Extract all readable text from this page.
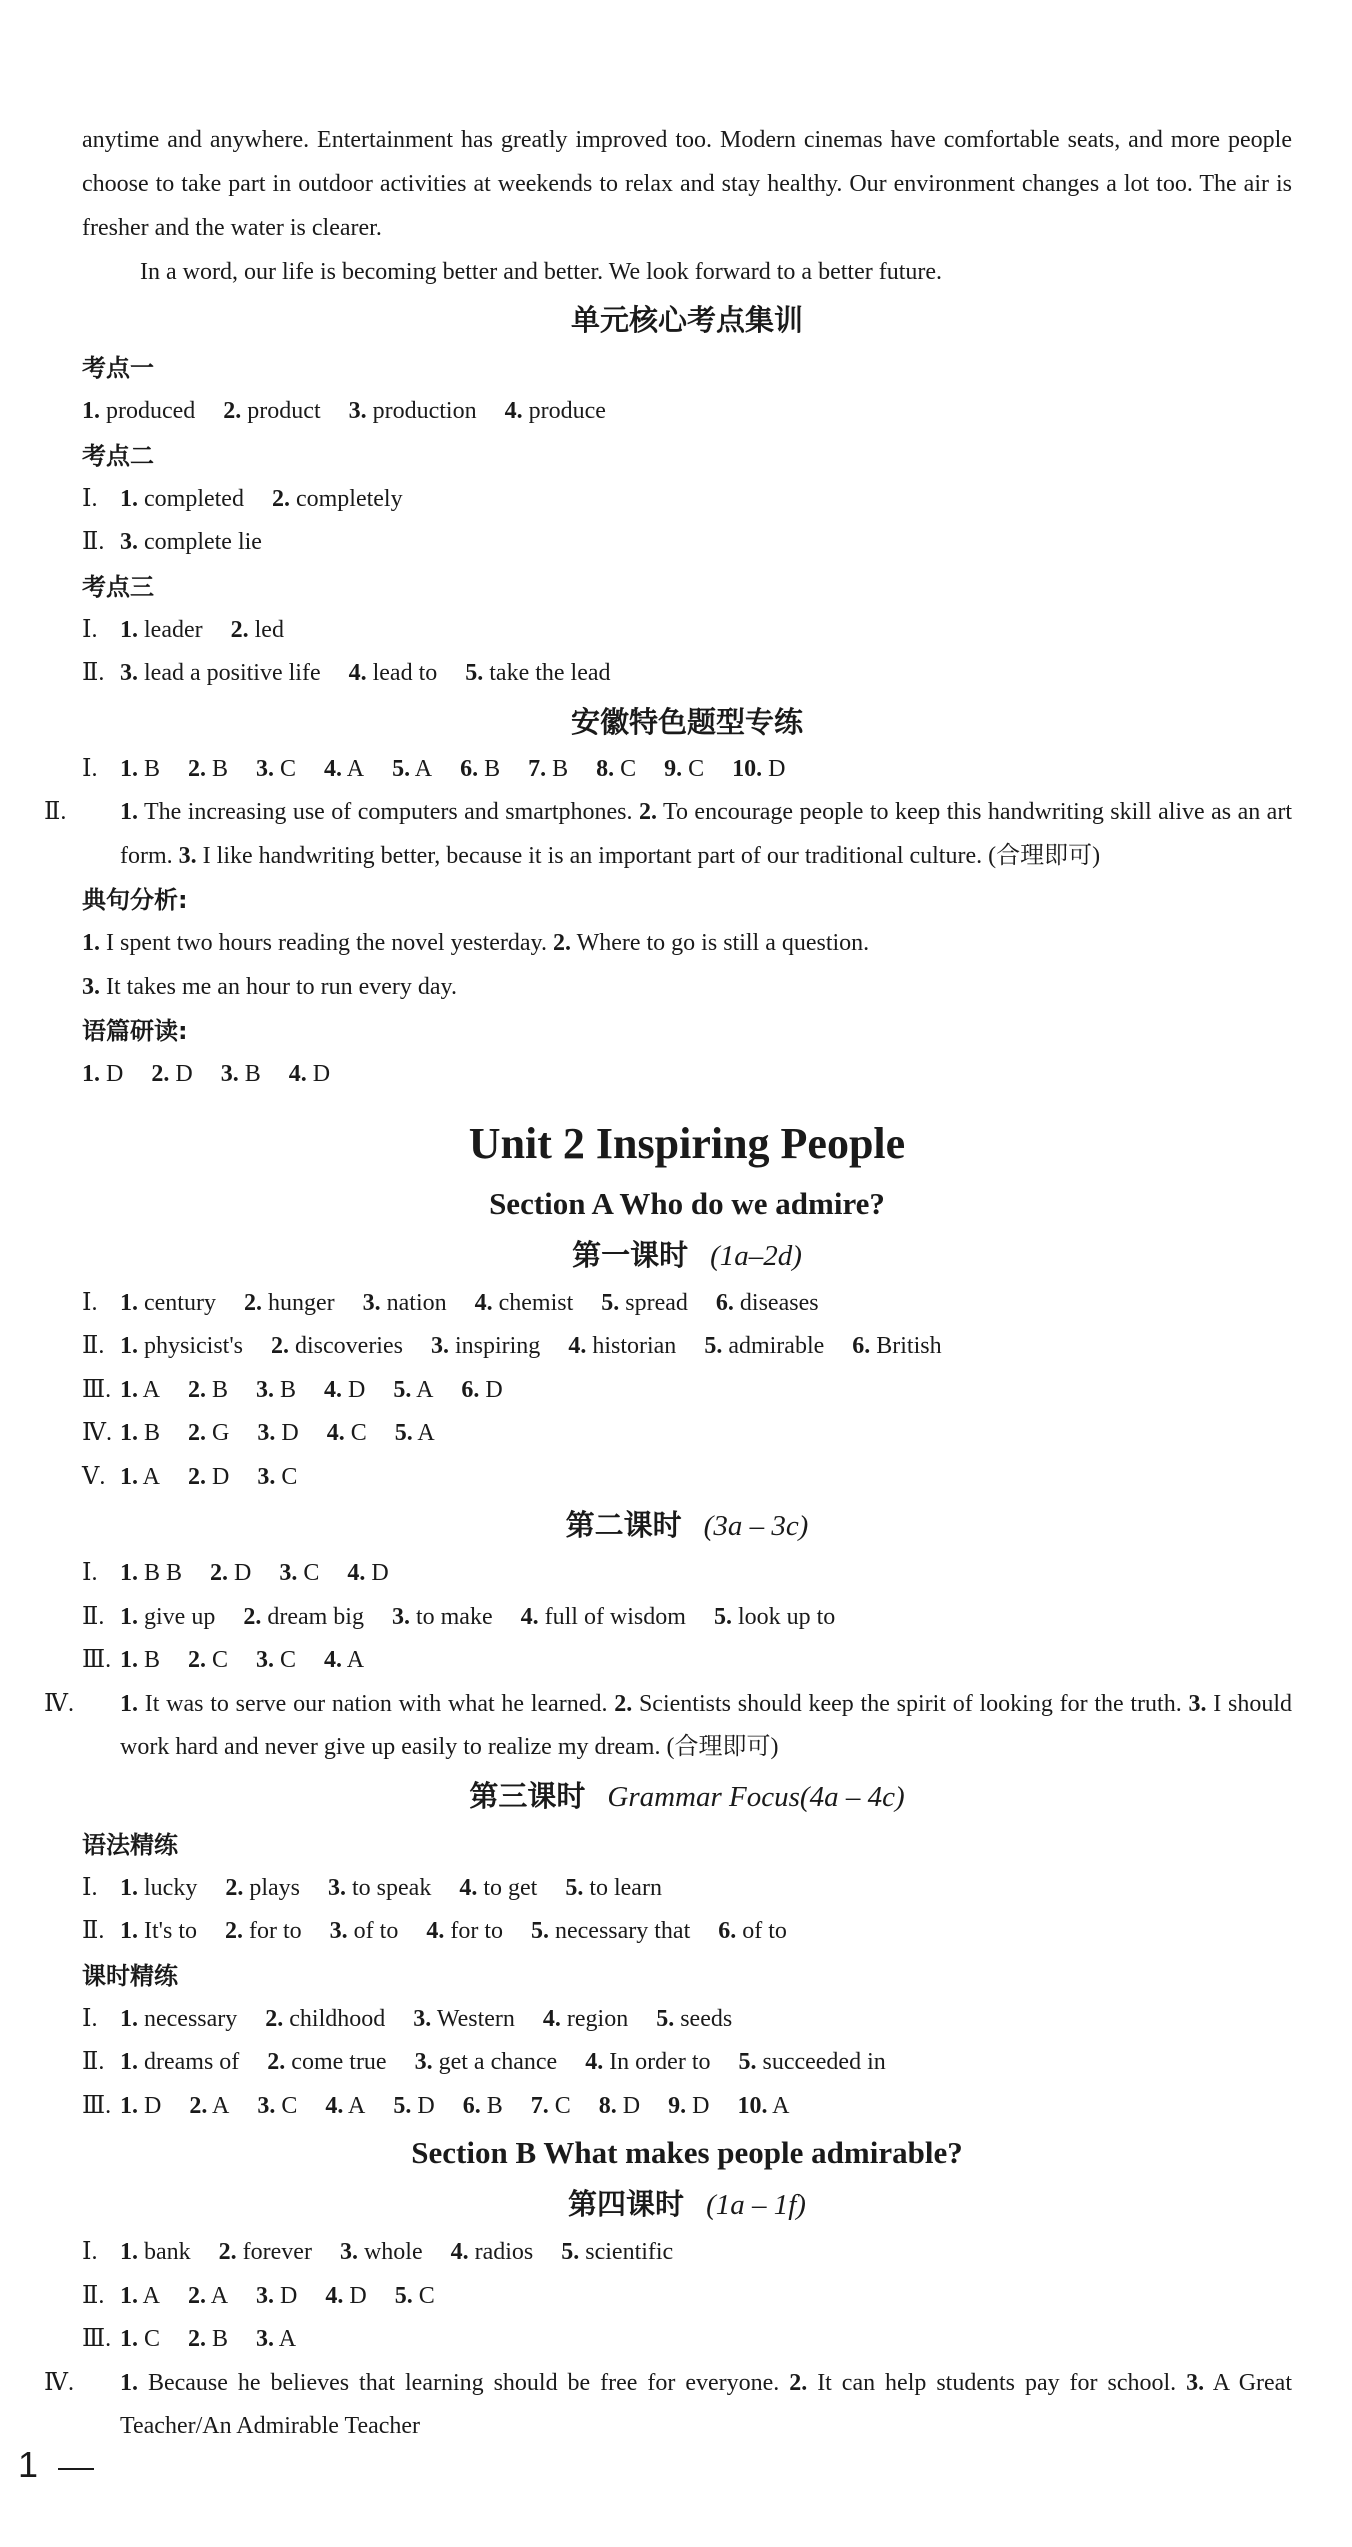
anytime and anywhere. Entertainment has greatly improved too. Modern cinemas have comfortable seats, and more people choose to take part in outdoor activities at weekends to relax and stay healthy. Our environment changes a lot too. The air is fresher and the water is clearer.

In a word, our life is becoming better and better. We look forward to a better future.

单元核心考点集训
考点一
1. produced 2. product 3. production 4. produce
考点二
Ⅰ. 1. completed 2. completely
Ⅱ. 3. complete lie
考点三
Ⅰ. 1. leader 2. led
Ⅱ. 3. lead a positive life 4. lead to 5. take the lead
安徽特色题型专练
Ⅰ. 1. B 2. B 3. C 4. A 5. A 6. B 7. B 8. C 9. C 10. D
Ⅱ. 1. The increasing use of computers and smartphones. 2. To encourage people to keep this handwriting skill alive as an art form. 3. I like handwriting better, because it is an important part of our traditional culture. (合理即可)
典句分析:
1. I spent two hours reading the novel yesterday. 2. Where to go is still a question.
3. It takes me an hour to run every day.
语篇研读:
1. D 2. D 3. B 4. D
Unit 2 Inspiring People
Section A Who do we admire?
第一课时 (1a–2d)
Ⅰ. 1. century 2. hunger 3. nation 4. chemist 5. spread 6. diseases
Ⅱ. 1. physicist's 2. discoveries 3. inspiring 4. historian 5. admirable 6. British
Ⅲ. 1. A 2. B 3. B 4. D 5. A 6. D
Ⅳ. 1. B 2. G 3. D 4. C 5. A
Ⅴ. 1. A 2. D 3. C
第二课时 (3a – 3c)
Ⅰ. 1. B B 2. D 3. C 4. D
Ⅱ. 1. give up 2. dream big 3. to make 4. full of wisdom 5. look up to
Ⅲ. 1. B 2. C 3. C 4. A
Ⅳ. 1. It was to serve our nation with what he learned. 2. Scientists should keep the spirit of looking for the truth. 3. I should work hard and never give up easily to realize my dream. (合理即可)
第三课时 Grammar Focus(4a – 4c)
语法精练
Ⅰ. 1. lucky 2. plays 3. to speak 4. to get 5. to learn
Ⅱ. 1. It's to 2. for to 3. of to 4. for to 5. necessary that 6. of to
课时精练
Ⅰ. 1. necessary 2. childhood 3. Western 4. region 5. seeds
Ⅱ. 1. dreams of 2. come true 3. get a chance 4. In order to 5. succeeded in
Ⅲ. 1. D 2. A 3. C 4. A 5. D 6. B 7. C 8. D 9. D 10. A
Section B What makes people admirable?
第四课时 (1a – 1f)
Ⅰ. 1. bank 2. forever 3. whole 4. radios 5. scientific
Ⅱ. 1. A 2. A 3. D 4. D 5. C
Ⅲ. 1. C 2. B 3. A
Ⅳ. 1. Because he believes that learning should be free for everyone. 2. It can help students pay for school. 3. A Great Teacher/An Admirable Teacher
1
